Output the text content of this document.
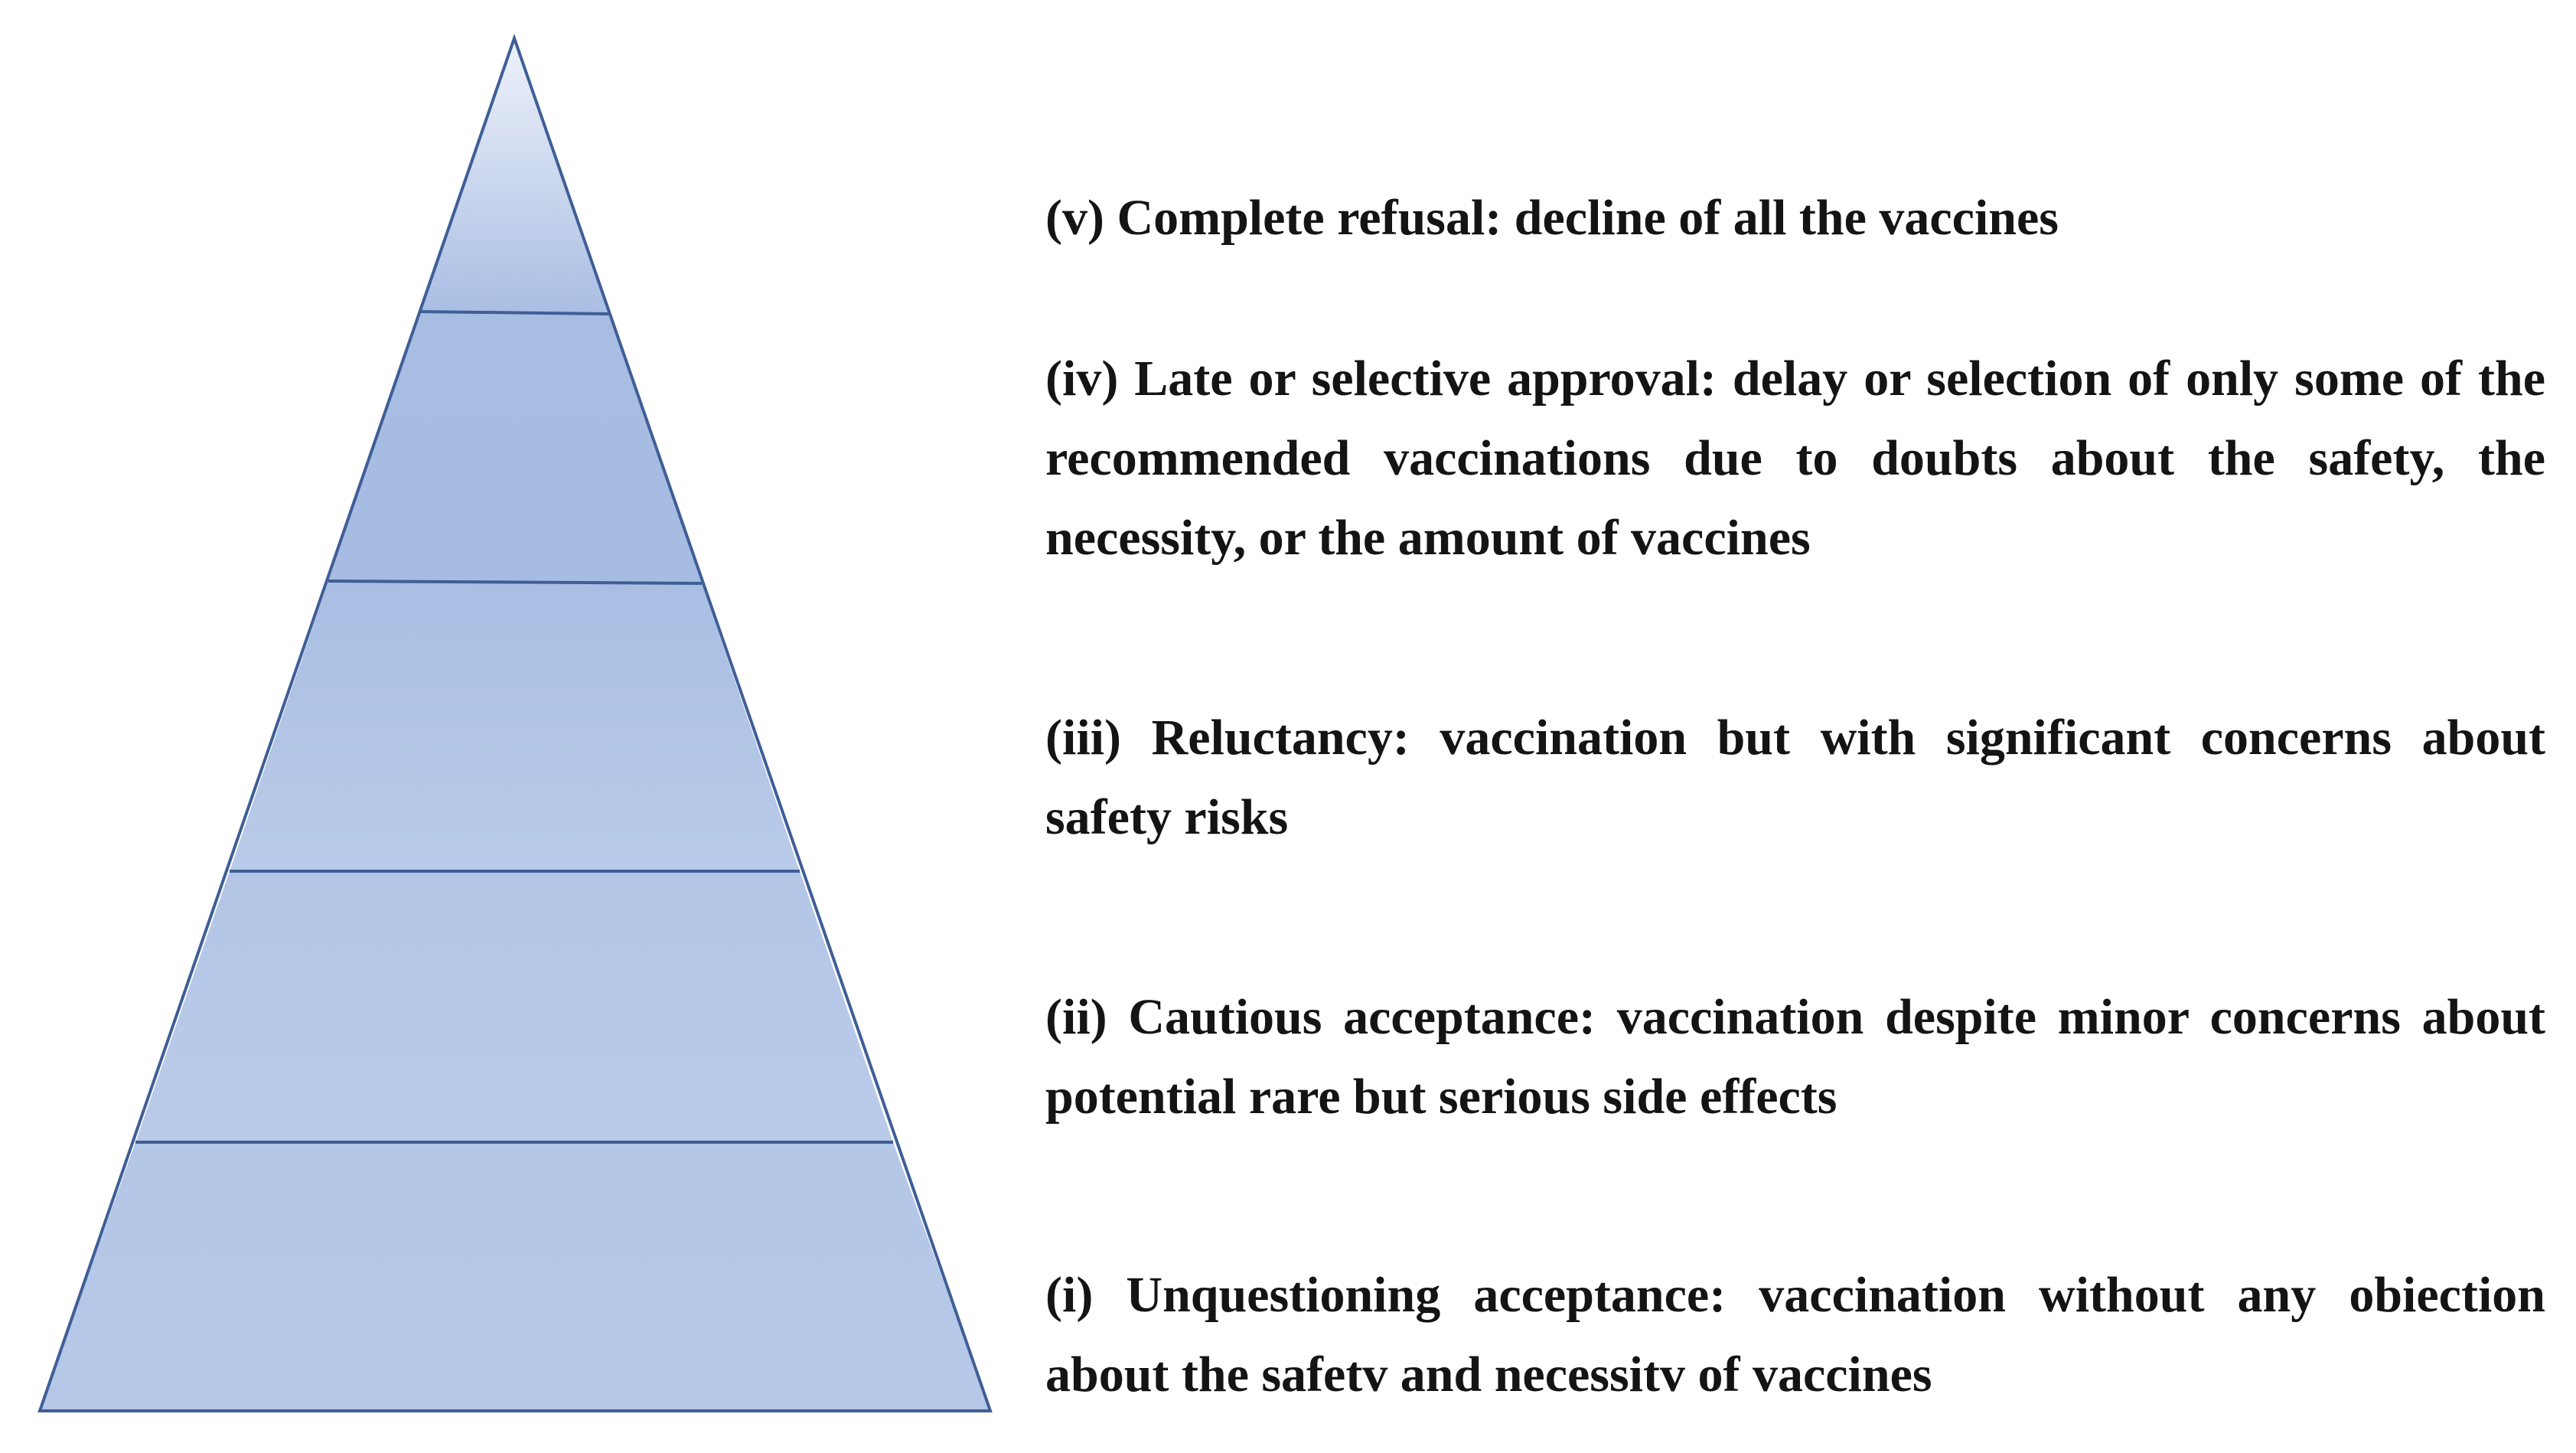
(v) Complete refusal: decline of all the vaccines

(iv) Late or selective approval: delay or selection of only some of the recommended vaccinations due to doubts about the safety, the necessity, or the amount of vaccines

(iii) Reluctancy: vaccination but with significant concerns about safety risks

(ii) Cautious acceptance: vaccination despite minor concerns about potential rare but serious side effects

(i) Unquestioning acceptance: vaccination without any obiection about the safetv and necessitv of vaccines
